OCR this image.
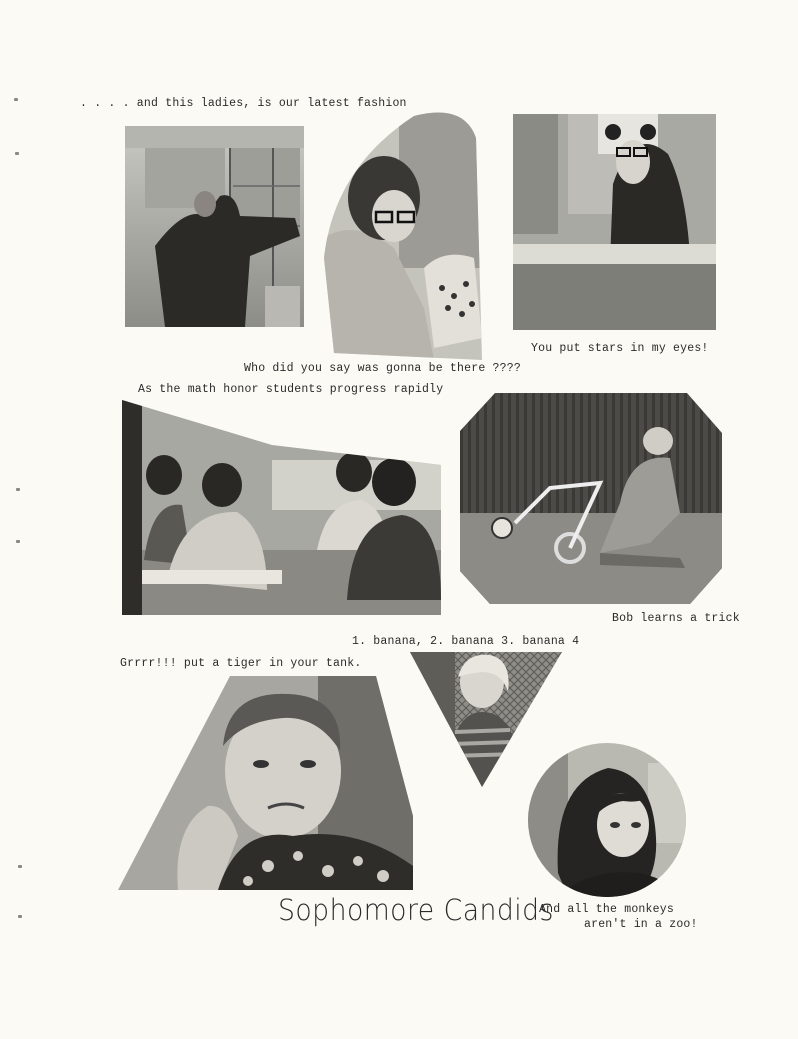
. . . . and this ladies, is our latest fashion
You put stars in my eyes!
Who did you say was gonna be there ????
As the math honor students progress rapidly
Bob learns a trick
1. banana, 2. banana 3. banana 4
Grrrr!!! put a tiger in your tank.
Sophomore Candids
And all the monkeys
aren't in a zoo!
